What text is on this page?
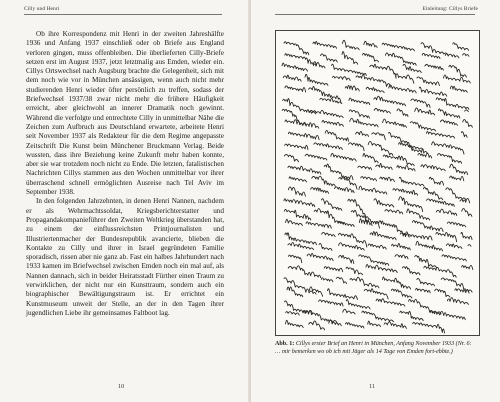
Cilly und Henri

Ob ihre Korrespondenz mit Henri in der zweiten Jahreshälfte 1936 und Anfang 1937 einschließ oder ob Briefe aus England verloren gingen, muss offenbleiben. Die überlieferten Cilly-Briefe setzen erst im August 1937, jetzt letztmalig aus Emden, wieder ein. Cillys Ortswechsel nach Augsburg brachte die Gelegenheit, sich mit dem noch wie vor in München ansässigen, wenn auch nicht mehr studierenden Henri wieder öfter persönlich zu treffen, sodass der Briefwechsel 1937/38 zwar nicht mehr die frühere Häufigkeit erreicht, aber gleichwohl an innerer Dramatik noch gewinnt. Während die verfolgte und entrechtete Cilly in unmittelbar Nähe die Zeichen zum Aufbruch aus Deutschland erwartete, arbeitete Henri seit November 1937 als Redakteur für die dem Regime angepasste Zeitschrift Die Kunst beim Münchener Bruckmann Verlag. Beide wussten, dass ihre Beziehung keine Zukunft mehr haben konnte, aber sie war trotzdem noch nicht zu Ende. Die letzten, fatalistischen Nachrichten Cillys stammen aus den Wochen unmittelbar vor ihrer überraschend schnell ermöglichten Ausreise nach Tel Aviv im September 1938.

In den folgenden Jahrzehnten, in denen Henri Nannen, nachdem er als Wehrmachtssoldat, Kriegsberichterstatter und Propagandakompanieführer den Zweiten Weltkrieg überstanden hat, zu einem der einflussreichsten Printjournalisten und Illustriertenmacher der Bundesrepublik avancierte, blieben die Kontakte zu Cilly und ihrer in Israel gegründeten Familie sporadisch, rissen aber nie ganz ab. Fast ein halbes Jahrhundert nach 1933 kamen im Briefwechsel zwischen Emden noch ein mal auf, als Nannen dannach, sich in beider Heiratsstadt Fürther einen Traum zu verwirklichen, der nicht nur ein Kunsttraum, sondern auch ein biographischer Bewältigungstraum ist. Er errichtet ein Kunstmuseum unweit der Stelle, an der in den Tagen ihrer jugendlichen Liebe ihr gemeinsames Faltboot lag.

10
Einleitung: Cillys Briefe
Abb. 1: Cillys erster Brief an Henri in München, Anfang November 1933 (Nr. 6: … mir bemerken wo ob ich mit Jäger als 14 Tage von Emden fort-ebbte.)
11
